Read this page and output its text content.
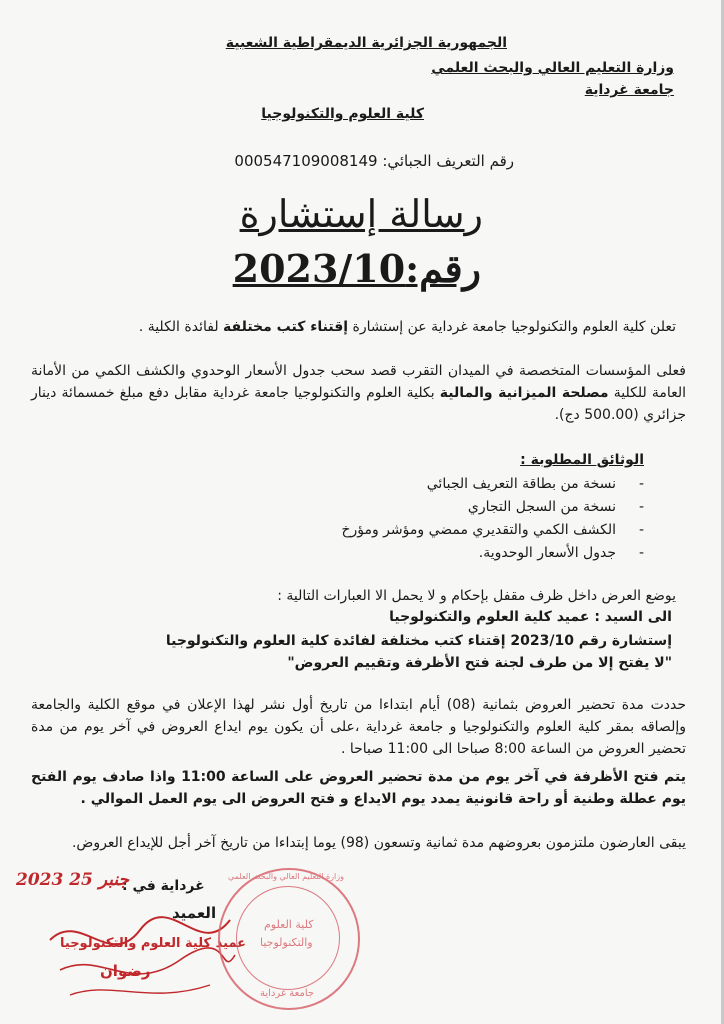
الجمهورية الجزائرية الديمقراطية الشعبية
وزارة التعليم العالي والبحث العلمي
جامعة غرداية
كلية العلوم والتكنولوجيا
رقم التعريف الجبائي: 000547109008149
رسالة إستشارة
رقم:2023/10
تعلن كلية العلوم والتكنولوجيا جامعة غرداية عن إستشارة إقتناء كتب مختلفة لفائدة الكلية .
فعلى المؤسسات المتخصصة في الميدان التقرب قصد سحب جدول الأسعار الوحدوي والكشف الكمي من الأمانة العامة للكلية مصلحة الميزانية والمالية بكلية العلوم والتكنولوجيا جامعة غرداية مقابل دفع مبلغ خمسمائة دينار جزائري (500.00 دج).
الوثائق المطلوبة :
- نسخة من بطاقة التعريف الجبائي
- نسخة من السجل التجاري
- الكشف الكمي والتقديري ممضي ومؤشر ومؤرخ
- جدول الأسعار الوحدوية.
يوضع العرض داخل ظرف مقفل بإحكام و لا يحمل الا العبارات التالية :
الى السيد : عميد كلية العلوم والتكنولوجيا
إستشارة رقم 2023/10 إقتناء كتب مختلفة لفائدة كلية العلوم والتكنولوجيا
"لا يفتح إلا من طرف لجنة فتح الأظرفة وتقييم العروض"
حددت مدة تحضير العروض بثمانية (08) أيام ابتداءا من تاريخ أول نشر لهذا الإعلان في موقع الكلية والجامعة وإلصاقه بمقر كلية العلوم والتكنولوجيا و جامعة غرداية ،على أن يكون يوم ايداع العروض في آخر يوم من مدة تحضير العروض من الساعة 8:00 صباحا الى 11:00 صباحا .
يتم فتح الأظرفة في آخر يوم من مدة تحضير العروض على الساعة 11:00 واذا صادف يوم الفتح يوم عطلة وطنية أو راحة قانونية يمدد يوم الايداع و فتح العروض الى يوم العمل الموالي .
يبقى العارضون ملتزمون بعروضهم مدة ثمانية وتسعون (98) يوما إبتداءا من تاريخ آخر أجل للإيداع العروض.
غرداية في :
2023 25 جنبر
العميد
عميد كلية العلوم والتكنولوجيا
رضوان
وزارة التعليم العالي والبحث العلمي
كلية العلوم
والتكنولوجيا
جامعة غرداية
